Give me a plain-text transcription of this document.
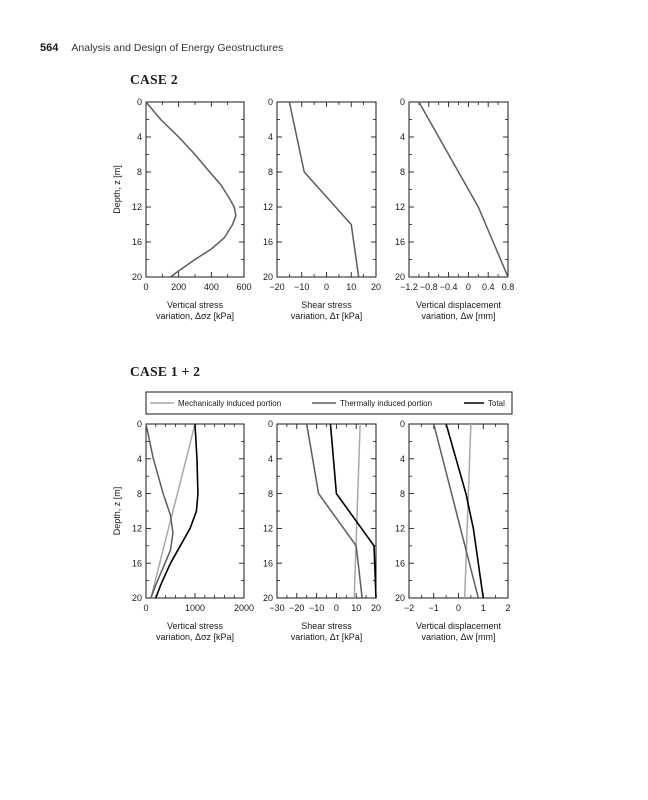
564 Analysis and Design of Energy Geostructures
CASE 2
CASE 1 + 2
Mechanically induced portion	Thermally induced portion	Total
0	200 400 600
0
4
8
12
16
20
Vertical stress
variation, Δσz [kPa]
Depth, z [m]
−20 −10 0 10 20
0
4
8
12
16
20
Shear stress
variation, Δτ [kPa]
−1.2 −0.8 −0.4 0 0.4 0.8
0
4
8
12
16
20
Vertical displacement
variation, Δw [mm]
0	1000	2000
0
4
8
12
16
20
Vertical stress
variation, Δσz [kPa]
Depth, z [m]
−30 −20 −10 0 10 20
0
4
8
12
16
20
Shear stress
variation, Δτ [kPa]
−2 −1 0 1 2
0
4
8
12
16
20
Vertical displacement
variation, Δw [mm]
